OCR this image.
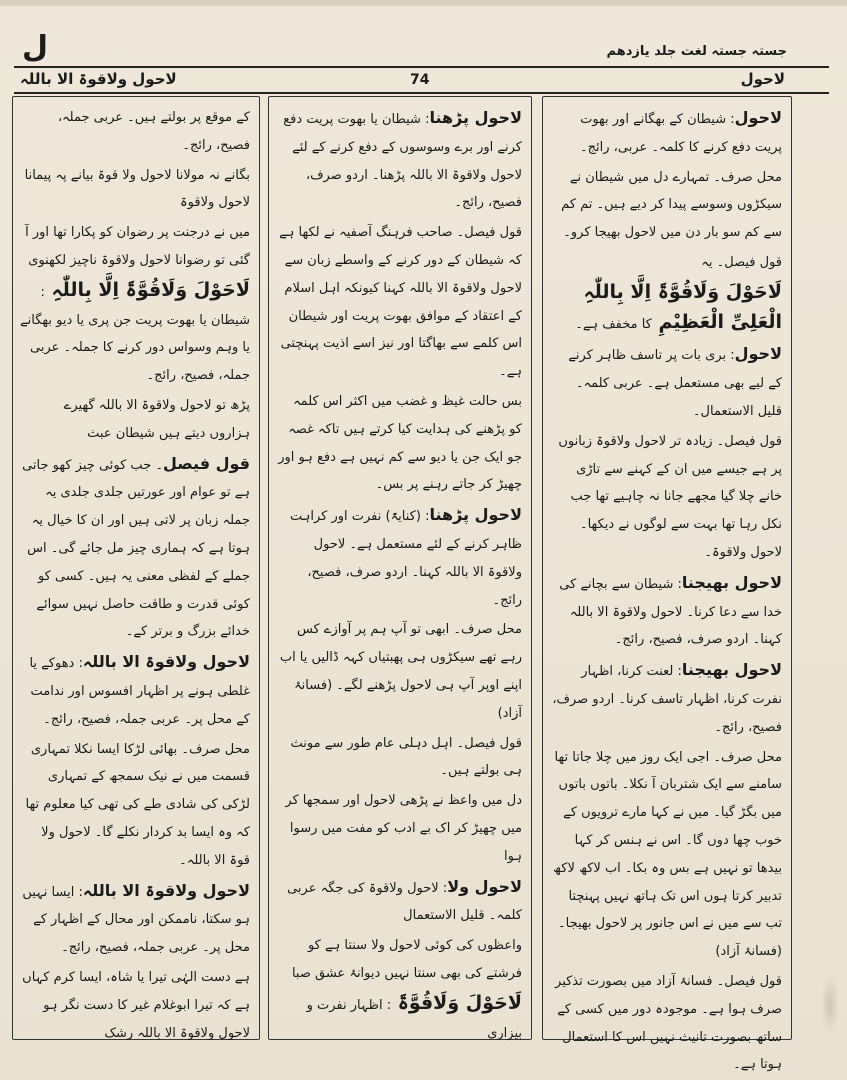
ل	جستہ جستہ لغت جلد یازدھم
لاحول
74
لاحول ولاقوۃ الا باللہ

لاحول: شیطان کے بھگانے اور بھوت پریت دفع کرنے کا کلمہ۔ عربی، رائج۔

محل صرف۔ تمہارے دل میں شیطان نے سیکڑوں وسوسے پیدا کر دیے ہیں۔ تم کم سے کم سو بار دن میں لاحول بھیجا کرو۔

قول فیصل۔ یہ

لَاحَوْلَ وَلَاقُوَّۃَ اِلَّا بِاللّٰہِ الْعَلِیِّ الْعَظِیْمِ کا مخفف ہے۔

لاحول: بری بات پر تاسف ظاہر کرنے کے لیے بھی مستعمل ہے۔ عربی کلمہ۔ قلیل الاستعمال۔

قول فیصل۔ زیادہ تر لاحول ولاقوۃ زبانوں پر ہے جیسے میں ان کے کہنے سے تاڑی خانے چلا گیا مجھے جانا نہ چاہیے تھا جب نکل رہا تھا بہت سے لوگوں نے دیکھا۔ لاحول ولاقوۃ۔

لاحول بھیجنا: شیطان سے بچانے کی خدا سے دعا کرنا۔ لاحول ولاقوۃ الا باللہ کہنا۔ اردو صرف، فصیح، رائج۔

لاحول بھیجنا: لعنت کرنا، اظہار نفرت کرنا، اظہار تاسف کرنا۔ اردو صرف، فصیح، رائج۔

محل صرف۔ اجی ایک روز میں چلا جاتا تھا سامنے سے ایک شتربان آ نکلا۔ باتوں باتوں میں بگڑ گیا۔ میں نے کہا مارے ترویوں کے خوب چھا دوں گا۔ اس نے ہنس کر کہا بیدھا تو نہیں ہے بس وہ بکا۔ اب لاکھ لاکھ تدبیر کرتا ہوں اس تک ہاتھ نہیں پہنچتا تب سے میں نے اس جانور پر لاحول بھیجا۔ (فسانۂ آزاد)

قول فیصل۔ فسانۂ آزاد میں بصورت تذکیر صرف ہوا ہے۔ موجودہ دور میں کسی کے ساتھ بصورت تانیث نہیں اس کا استعمال ہوتا ہے۔

لاحول پڑھنا: شیطان یا بھوت پریت دفع کرنے اور برے وسوسوں کے دفع کرنے کے لئے لاحول ولاقوۃ الا باللہ پڑھنا۔ اردو صرف، فصیح، رائج۔

قول فیصل۔ صاحب فرہنگ آصفیہ نے لکھا ہے کہ شیطان کے دور کرنے کے واسطے زبان سے لاحول ولاقوۃ الا باللہ کہنا کیونکہ اہل اسلام کے اعتقاد کے موافق بھوت پریت اور شیطان اس کلمے سے بھاگتا اور نیز اسے اذیت پہنچتی ہے۔

بس حالت غیظ و غضب میں اکثر اس کلمہ کو پڑھنے کی ہدایت کیا کرتے ہیں تاکہ غصہ جو ایک جن یا دیو سے کم نہیں ہے دفع ہو اور چھیڑ کر جاتے رہنے پر بس۔

لاحول پڑھنا: (کنایۃً) نفرت اور کراہت ظاہر کرنے کے لئے مستعمل ہے۔ لاحول ولاقوۃ الا باللہ کہنا۔ اردو صرف، فصیح، رائج۔

محل صرف۔ ابھی تو آپ ہم پر آوازے کس رہے تھے سیکڑوں ہی پھبتیاں کہہ ڈالیں یا اب اپنے اوپر آپ ہی لاحول پڑھنے لگے۔ (فسانۂ آزاد)

قول فیصل۔ اہل دہلی عام طور سے مونث ہی بولتے ہیں۔

دل میں واعظ نے پڑھی لاحول اور سمجھا کر میں چھیڑ کر اک بے ادب کو مفت میں رسوا ہوا

لاحول ولا: لاحول ولاقوۃ کی جگہ عربی کلمہ۔ قلیل الاستعمال

واعظوں کی کوئی لاحول ولا سنتا ہے کو فرشتے کی بھی سنتا نہیں دیوانۂ عشق صبا

لَاحَوْلَ وَلَاقُوَّۃَ : اظہار نفرت و بیزاری

کے موقع پر بولتے ہیں۔ عربی جملہ، فصیح، رائج۔

بگانے نہ مولانا لاحول ولا قوۃ بیانے پہ پیمانا لاحول ولاقوۃ

میں نے درجنت پر رضوان کو پکارا تھا اور آ گئی تو رضوانا لاحول ولاقوۃ ناچیز لکھنوی

لَاحَوْلَ وَلَاقُوَّۃَ اِلَّا بِاللّٰہِ : شیطان یا بھوت پریت جن پری یا دیو بھگانے یا وہم وسواس دور کرنے کا جملہ۔ عربی جملہ، فصیح، رائج۔

پڑھ تو لاحول ولاقوۃ الا باللہ گھیرے ہزاروں دیتے ہیں شیطان عبث

قول فیصل۔ جب کوئی چیز کھو جاتی ہے تو عوام اور عورتیں جلدی جلدی یہ جملہ زبان پر لاتی ہیں اور ان کا خیال یہ ہوتا ہے کہ ہماری چیز مل جائے گی۔ اس جملے کے لفظی معنی یہ ہیں۔ کسی کو کوئی قدرت و طاقت حاصل نہیں سوائے خدائے بزرگ و برتر کے۔

لاحول ولاقوۃ الا باللہ: دھوکے یا غلطی ہونے پر اظہار افسوس اور ندامت کے محل پر۔ عربی جملہ، فصیح، رائج۔

محل صرف۔ بھائی لڑکا ایسا نکلا تمہاری قسمت میں نے نیک سمجھ کے تمہاری لڑکی کی شادی طے کی تھی کیا معلوم تھا کہ وہ ایسا بد کردار نکلے گا۔ لاحول ولا قوۃ الا باللہ۔

لاحول ولاقوۃ الا باللہ: ایسا نہیں ہو سکتا، ناممکن اور محال کے اظہار کے محل پر۔ عربی جملہ، فصیح، رائج۔

ہے دست الہٰی تیرا یا شاہ، ایسا کرم کہاں ہے کہ تیرا ابوغلام غیر کا دست نگر ہو لاحول ولاقوۃ الا باللہ رشک
